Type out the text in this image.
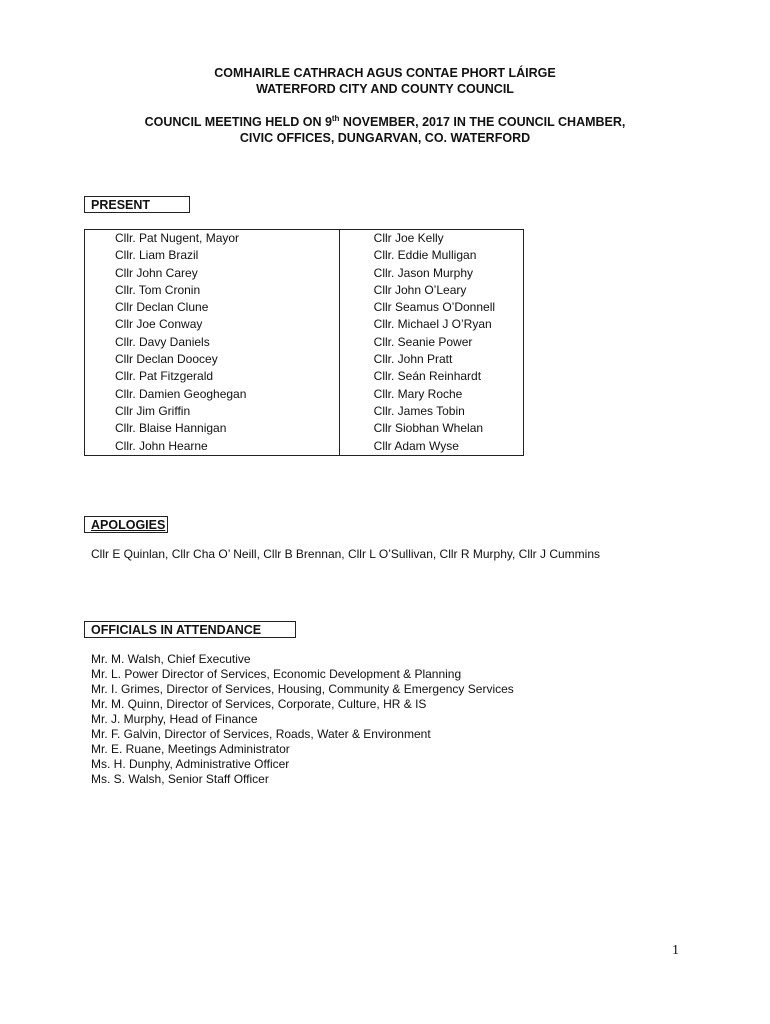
COMHAIRLE CATHRACH AGUS CONTAE PHORT LÁIRGE
WATERFORD CITY AND COUNTY COUNCIL
COUNCIL MEETING HELD ON 9th NOVEMBER, 2017 IN THE COUNCIL CHAMBER,
CIVIC OFFICES, DUNGARVAN, CO. WATERFORD
PRESENT
Cllr. Pat Nugent, Mayor	Cllr Joe Kelly
Cllr. Liam Brazil	Cllr. Eddie Mulligan
Cllr John Carey	Cllr. Jason Murphy
Cllr. Tom Cronin	Cllr John O’Leary
Cllr Declan Clune	Cllr Seamus O’Donnell
Cllr Joe Conway	Cllr. Michael J O’Ryan
Cllr. Davy Daniels	Cllr. Seanie Power
Cllr Declan Doocey	Cllr. John Pratt
Cllr. Pat Fitzgerald	Cllr. Seán Reinhardt
Cllr. Damien Geoghegan	Cllr. Mary Roche
Cllr Jim Griffin	Cllr. James Tobin
Cllr. Blaise Hannigan	Cllr Siobhan Whelan
Cllr. John Hearne	Cllr Adam Wyse
APOLOGIES
Cllr E Quinlan, Cllr Cha O’ Neill, Cllr B Brennan, Cllr L O’Sullivan, Cllr R Murphy, Cllr J Cummins
OFFICIALS IN ATTENDANCE
Mr. M. Walsh, Chief Executive
Mr. L. Power Director of Services, Economic Development & Planning
Mr. I. Grimes, Director of Services, Housing, Community & Emergency Services
Mr. M. Quinn, Director of Services, Corporate, Culture, HR & IS
Mr. J. Murphy, Head of Finance
Mr. F. Galvin, Director of Services, Roads, Water & Environment
Mr. E. Ruane, Meetings Administrator
Ms. H. Dunphy, Administrative Officer
Ms. S. Walsh, Senior Staff Officer
1
